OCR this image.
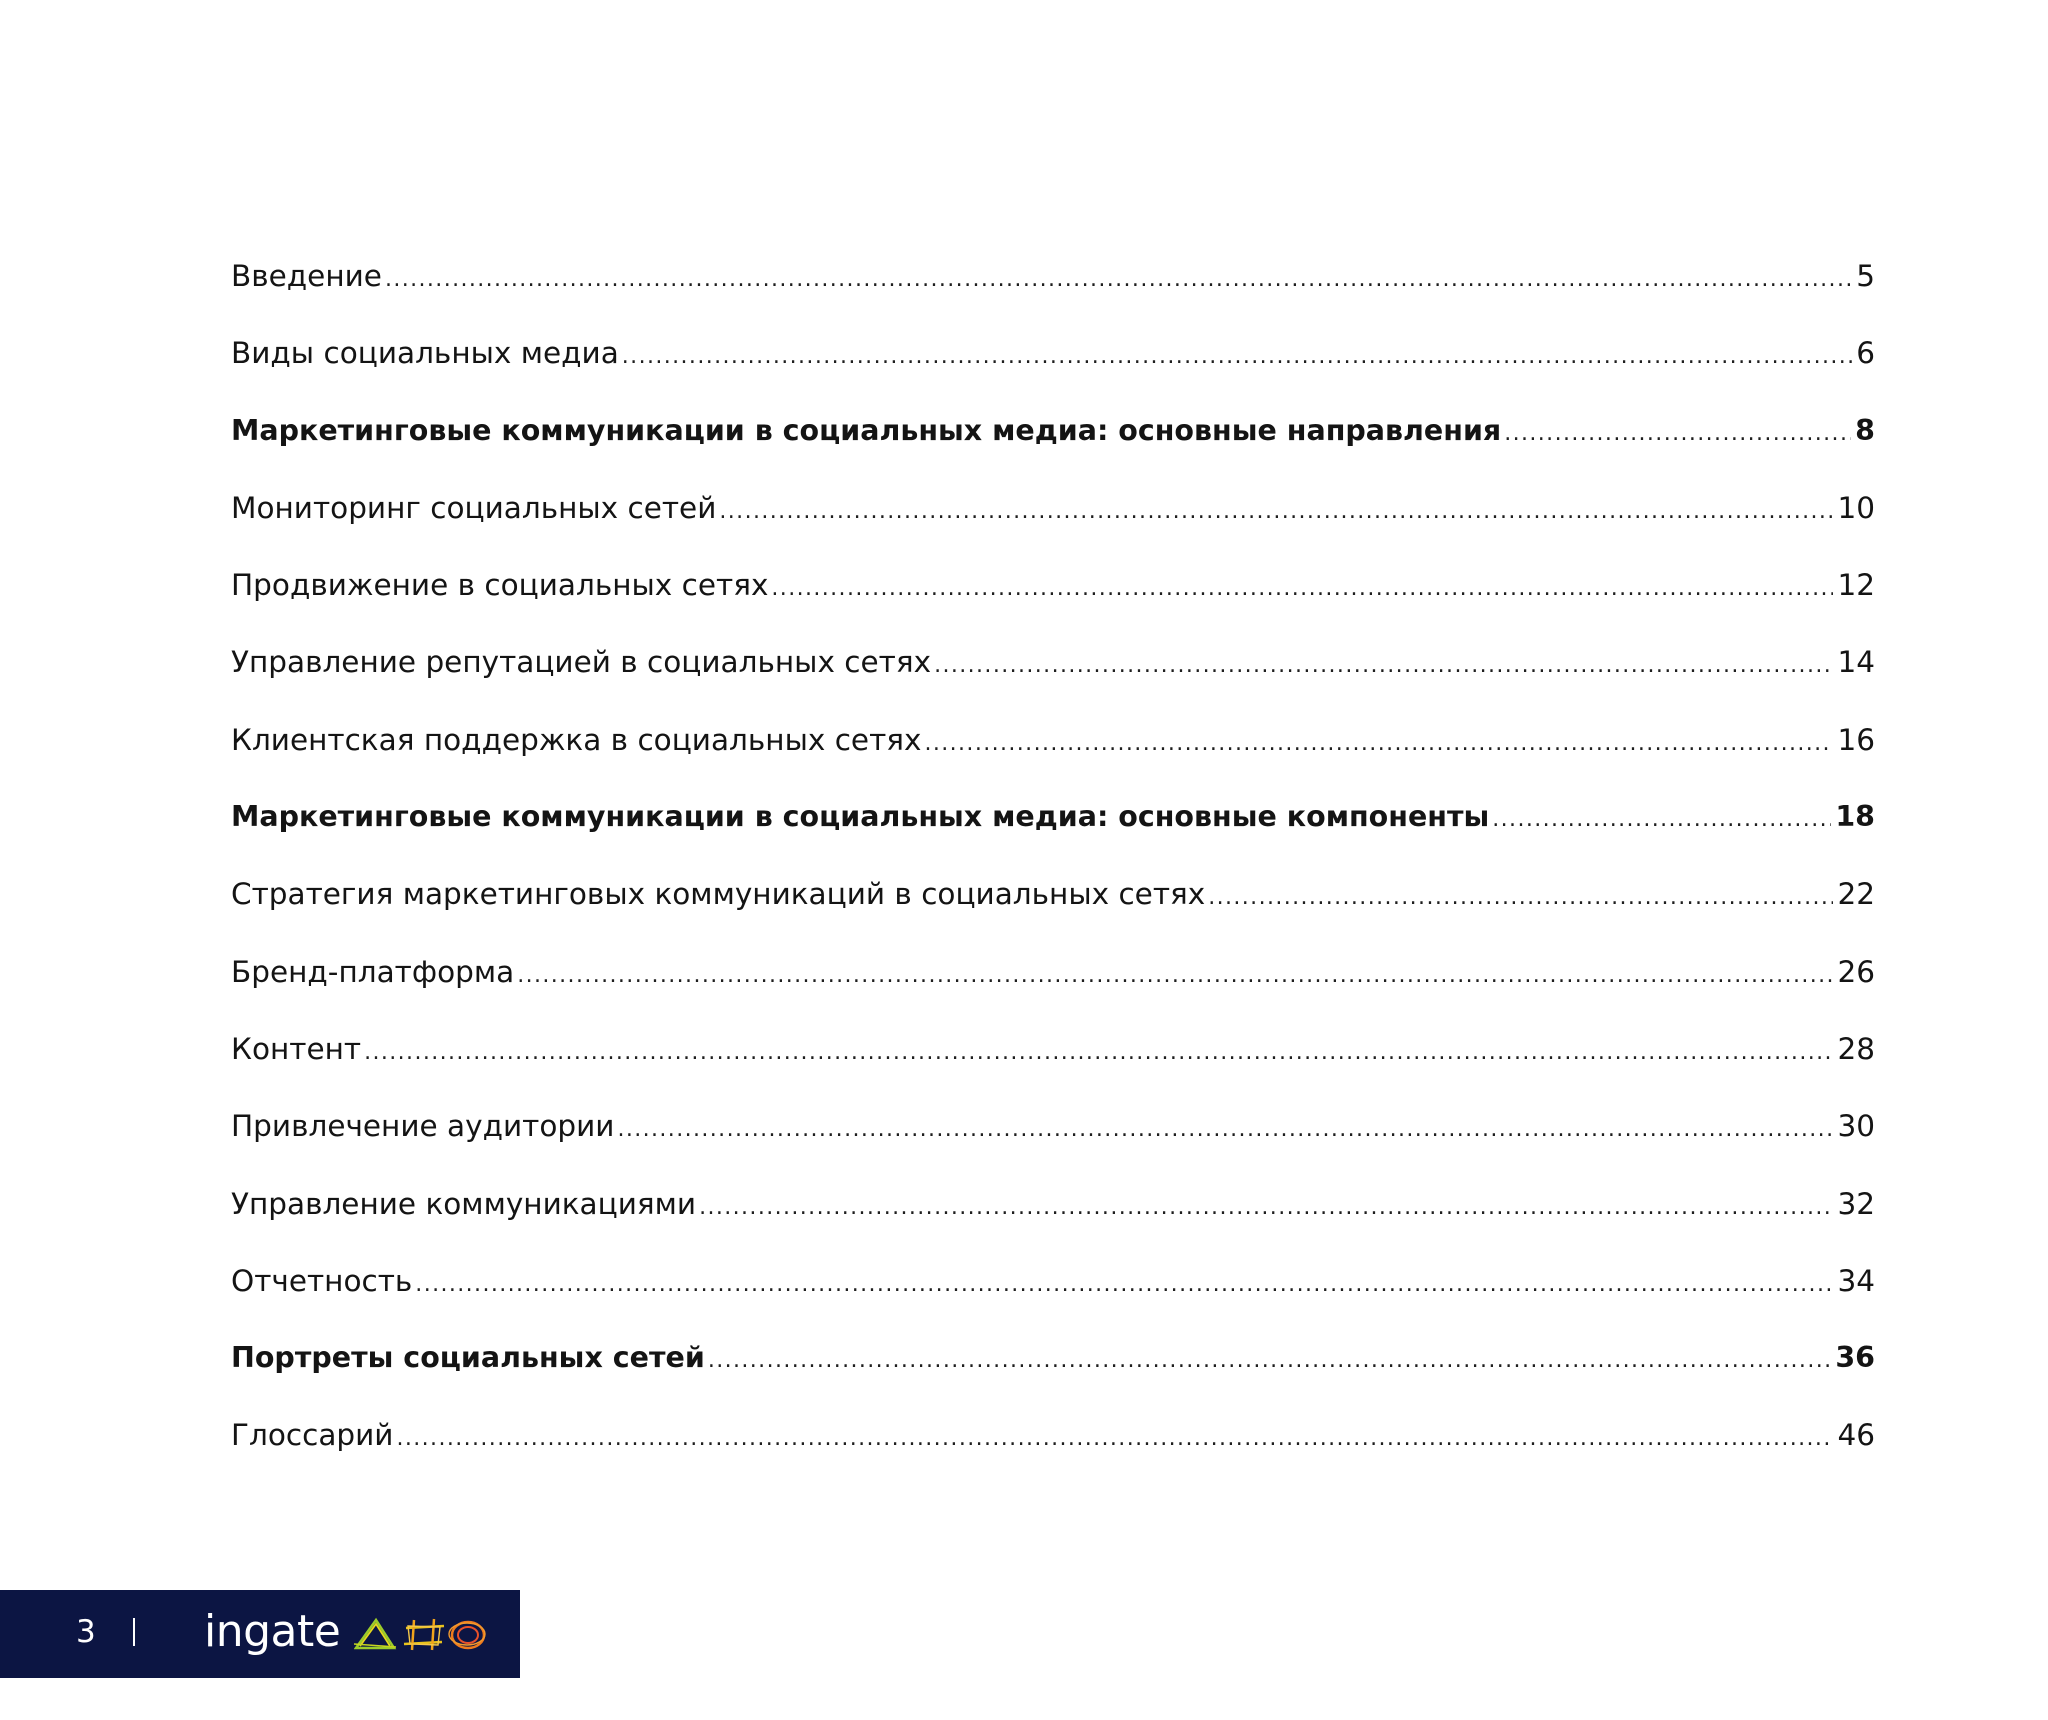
Введение .....	5
Виды социальных медиа .....	6
Маркетинговые коммуникации в социальных медиа: основные направления .....	8
Мониторинг социальных сетей .....	10
Продвижение в социальных сетях .....	12
Управление репутацией в социальных сетях .....	14
Клиентская поддержка в социальных сетях .....	16
Маркетинговые коммуникации в социальных медиа: основные компоненты .....	18
Стратегия маркетинговых коммуникаций в социальных сетях .....	22
Бренд-платформа .....	26
Контент .....	28
Привлечение аудитории .....	30
Управление коммуникациями .....	32
Отчетность .....	34
Портреты социальных сетей .....	36
Глоссарий .....	46
3 ingate
